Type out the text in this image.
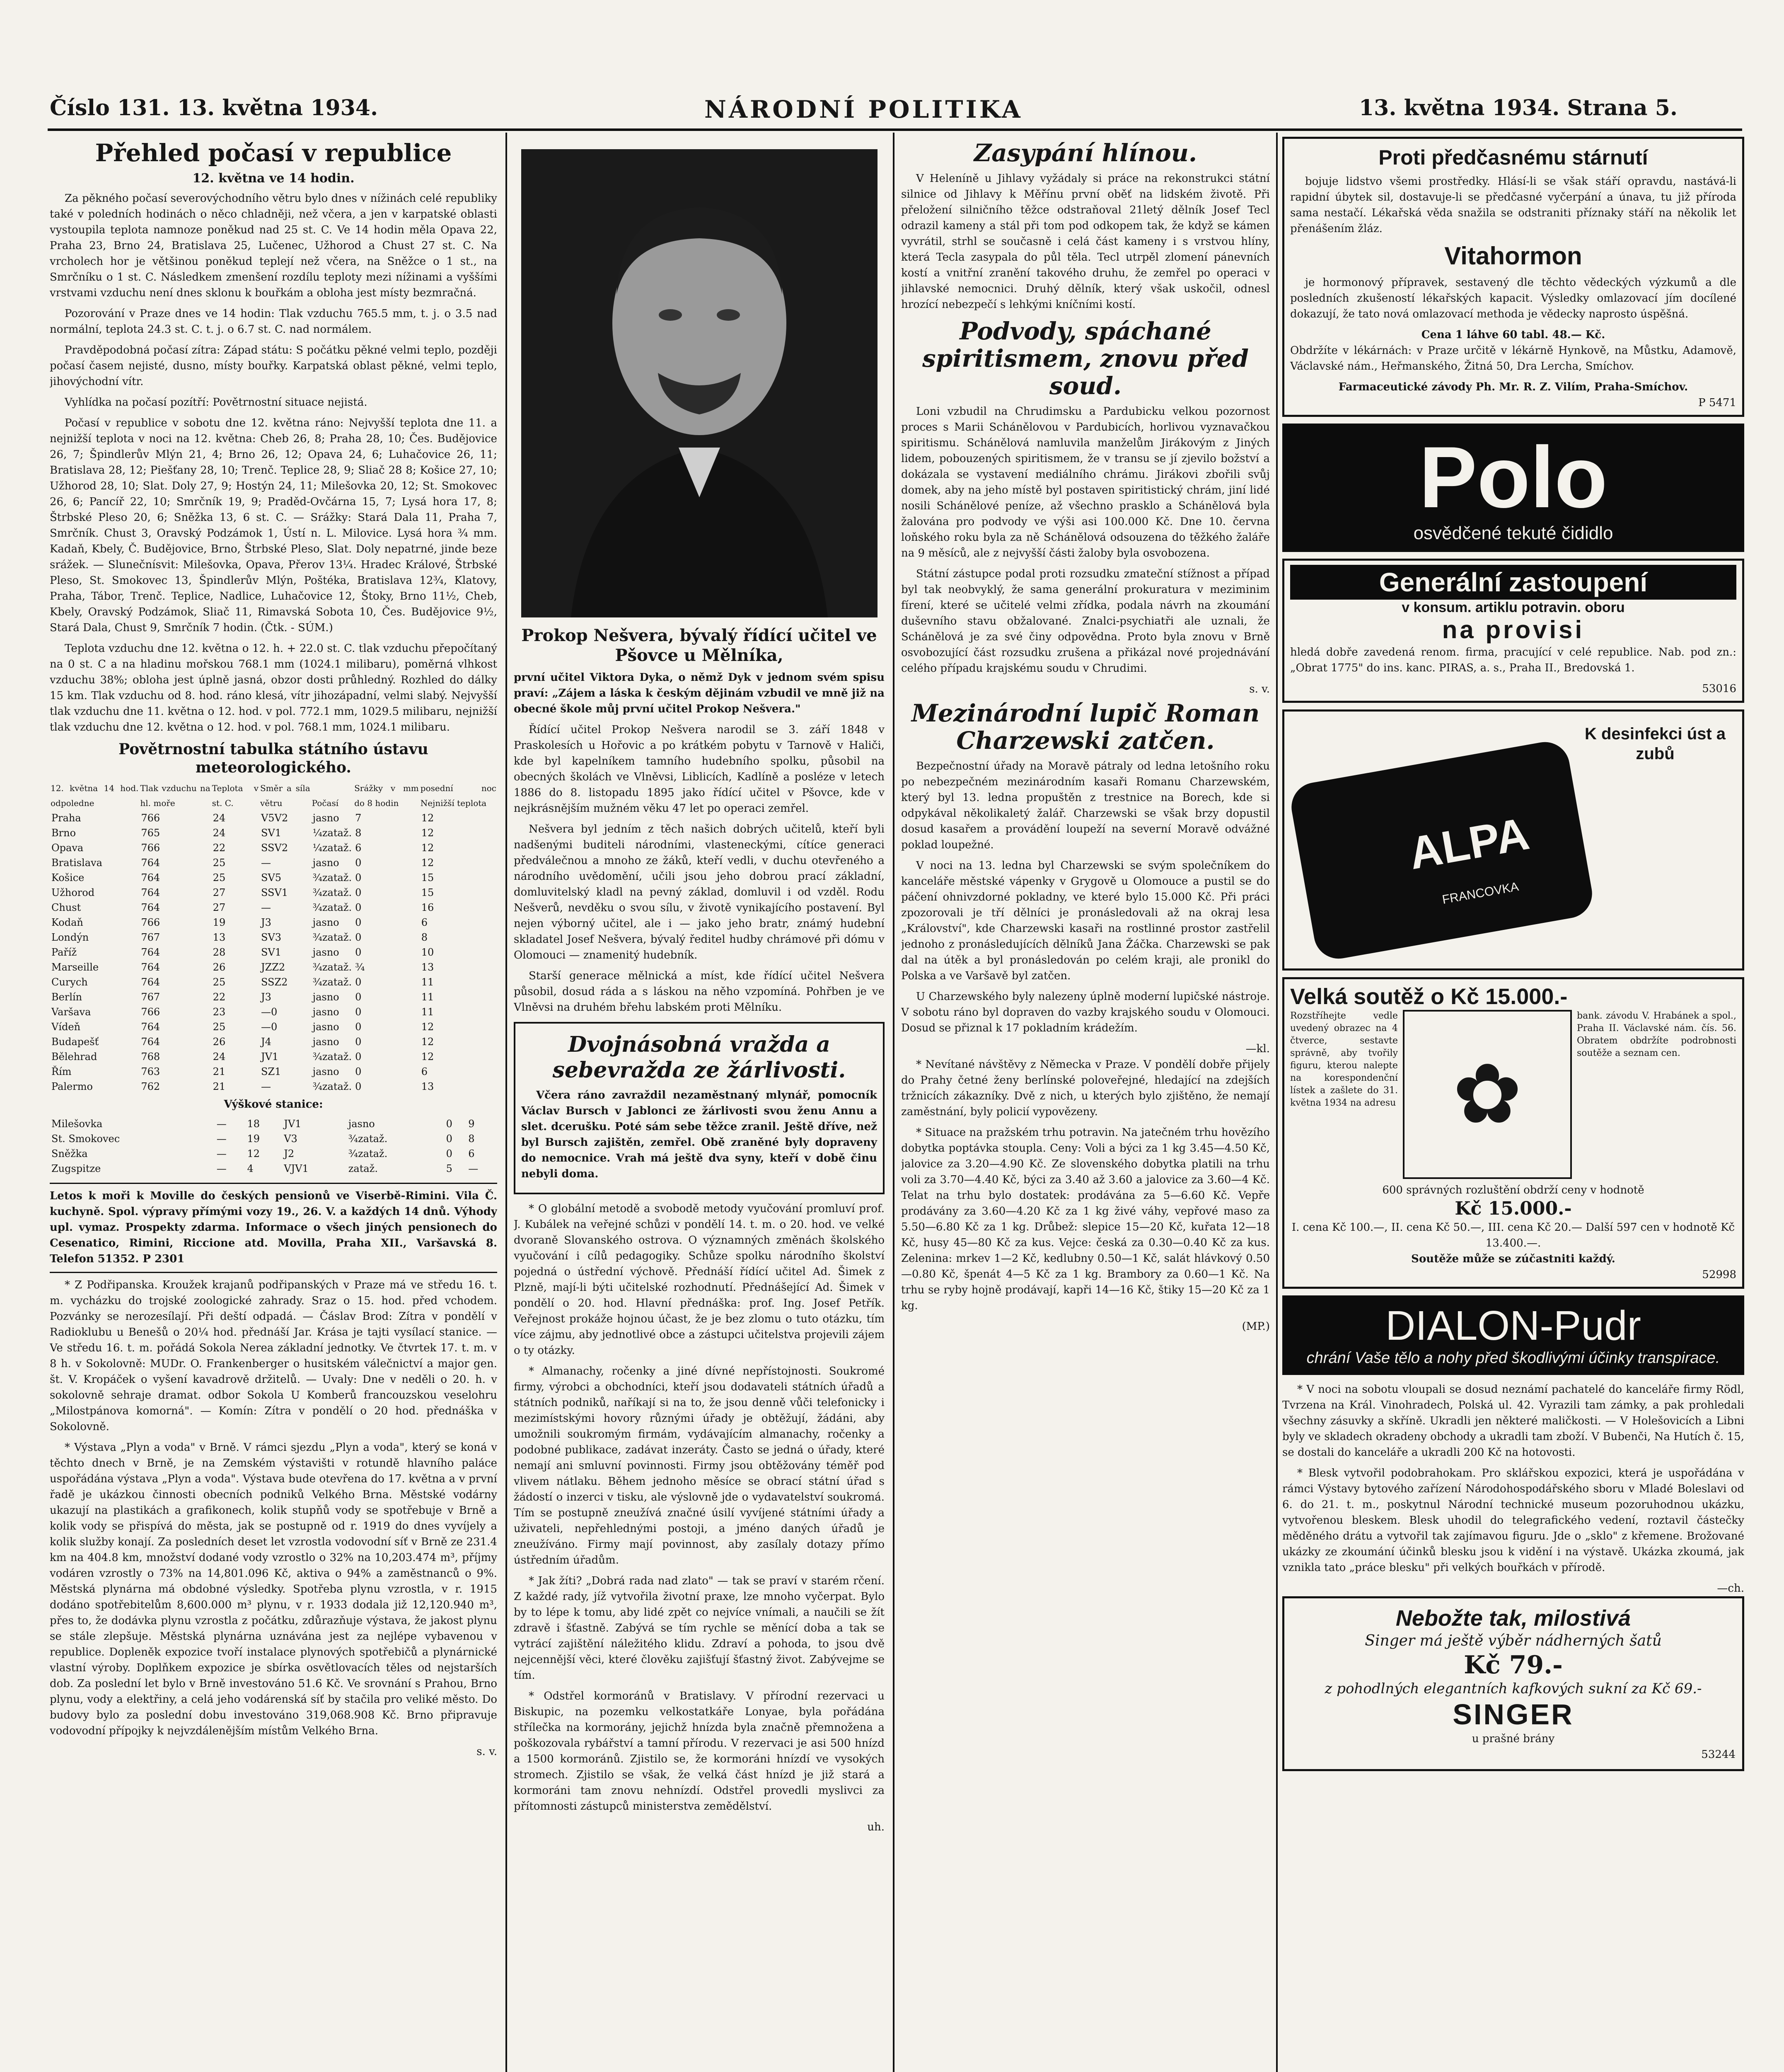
Číslo 131. 13. května 1934.	NÁRODNÍ POLITIKA	13. května 1934. Strana 5.
Přehled počasí v republice
12. května ve 14 hodin.

Za pěkného počasí severovýchodního větru bylo dnes v nížinách celé republiky také v poledních hodinách o něco chladněji, než včera, a jen v karpatské oblasti vystoupila teplota namnoze poněkud nad 25 st. C. Ve 14 hodin měla Opava 22, Praha 23, Brno 24, Bratislava 25, Lučenec, Užhorod a Chust 27 st. C. Na vrcholech hor je většinou poněkud teplejí než včera, na Sněžce o 1 st., na Smrčníku o 1 st. C. Následkem zmenšení rozdílu teploty mezi nížinami a vyššími vrstvami vzduchu není dnes sklonu k bouřkám a obloha jest místy bezmračná.

Pozorování v Praze dnes ve 14 hodin: Tlak vzduchu 765.5 mm, t. j. o 3.5 nad normální, teplota 24.3 st. C. t. j. o 6.7 st. C. nad normálem.

Pravděpodobná počasí zítra: Západ státu: S počátku pěkné velmi teplo, později počasí časem nejisté, dusno, místy bouřky. Karpatská oblast pěkné, velmi teplo, jihovýchodní vítr.

Vyhlídka na počasí pozítří: Povětrnostní situace nejistá.

Počasí v republice v sobotu dne 12. května ráno: Nejvyšší teplota dne 11. a nejnižší teplota v noci na 12. května: Cheb 26, 8; Praha 28, 10; Čes. Budějovice 26, 7; Špindlerův Mlýn 21, 4; Brno 26, 12; Opava 24, 6; Luhačovice 26, 11; Bratislava 28, 12; Piešťany 28, 10; Trenč. Teplice 28, 9; Sliač 28 8; Košice 27, 10; Užhorod 28, 10; Slat. Doly 27, 9; Hostýn 24, 11; Milešovka 20, 12; St. Smokovec 26, 6; Pancíř 22, 10; Smrčník 19, 9; Praděd-Ovčárna 15, 7; Lysá hora 17, 8; Štrbské Pleso 20, 6; Sněžka 13, 6 st. C. — Srážky: Stará Dala 11, Praha 7, Smrčník. Chust 3, Oravský Podzámok 1, Ústí n. L. Milovice. Lysá hora ¾ mm. Kadaň, Kbely, Č. Budějovice, Brno, Štrbské Pleso, Slat. Doly nepatrné, jinde beze srážek. — Slunečnísvit: Milešovka, Opava, Přerov 13¼. Hradec Králové, Štrbské Pleso, St. Smokovec 13, Špindlerův Mlýn, Poštéka, Bratislava 12¾, Klatovy, Praha, Tábor, Trenč. Teplice, Nadlice, Luhačovice 12, Štoky, Brno 11½, Cheb, Kbely, Oravský Podzámok, Sliač 11, Rimavská Sobota 10, Čes. Budějovice 9½, Stará Dala, Chust 9, Smrčník 7 hodin. (Čtk. - SÚM.)

Teplota vzduchu dne 12. května o 12. h. + 22.0 st. C. tlak vzduchu přepočítaný na 0 st. C a na hladinu mořskou 768.1 mm (1024.1 milibaru), poměrná vlhkost vzduchu 38%; obloha jest úplně jasná, obzor dosti průhledný. Rozhled do dálky 15 km. Tlak vzduchu od 8. hod. ráno klesá, vítr jihozápadní, velmi slabý. Nejvyšší tlak vzduchu dne 11. května o 12. hod. v pol. 772.1 mm, 1029.5 milibaru, nejnižší tlak vzduchu dne 12. května o 12. hod. v pol. 768.1 mm, 1024.1 milibaru.

Povětrnostní tabulka státního ústavu meteorologického.
12. května 14 hod. odpoledne	Tlak vzduchu na hl. moře	Teplota v st. C.	Směr a síla větru	Počasí	Srážky v mm do 8 hodin	posední noc Nejnižší teplota
Praha	766	24	V5V2	jasno	7	12
Brno	765	24	SV1	¼zataž.	8	12
Opava	766	22	SSV2	¼zataž.	6	12
Bratislava	764	25	—	jasno	0	12
Košice	764	25	SV5	¾zataž.	0	15
Užhorod	764	27	SSV1	¾zataž.	0	15
Chust	764	27	—	¾zataž.	0	16
Kodaň	766	19	J3	jasno	0	6
Londýn	767	13	SV3	¾zataž.	0	8
Paříž	764	28	SV1	jasno	0	10
Marseille	764	26	JZZ2	¾zataž.	¾	13
Curych	764	25	SSZ2	¾zataž.	0	11
Berlín	767	22	J3	jasno	0	11
Varšava	766	23	—0	jasno	0	11
Vídeň	764	25	—0	jasno	0	12
Budapešť	764	26	J4	jasno	0	12
Bělehrad	768	24	JV1	¾zataž.	0	12
Řím	763	21	SZ1	jasno	0	6
Palermo	762	21	—	¾zataž.	0	13
Výškové stanice:
Milešovka	—	18	JV1	jasno	0	9
St. Smokovec	—	19	V3	¾zataž.	0	8
Sněžka	—	12	J2	¾zataž.	0	6
Zugspitze	—	4	VJV1	zataž.	5	—

Letos k moři k Moville do českých pensionů ve Viserbě-Rimini. Vila Č. kuchyně. Spol. výpravy přímými vozy 19., 26. V. a každých 14 dnů. Výhody upl. vymaz. Prospekty zdarma. Informace o všech jiných pensionech do Cesenatico, Rimini, Riccione atd. Movilla, Praha XII., Varšavská 8. Telefon 51352. P 2301

* Z Podřipanska. Kroužek krajanů podřipanských v Praze má ve středu 16. t. m. vycházku do trojské zoologické zahrady. Sraz o 15. hod. před vchodem. Pozvánky se nerozesílají. Při deští odpadá. — Čáslav Brod: Zítra v pondělí v Radioklubu u Benešů o 20¼ hod. přednáší Jar. Krása je tajti vysílací stanice. — Ve středu 16. t. m. pořádá Sokola Nerea základní jednotky. Ve čtvrtek 17. t. m. v 8 h. v Sokolovně: MUDr. O. Frankenberger o husitském válečnictví a major gen. št. V. Kropáček o vyšení kavadrově držitelů. — Uvaly: Dne v neděli o 20. h. v sokolovně sehraje dramat. odbor Sokola U Komberů francouzskou veselohru „Milostpánova komorná". — Komín: Zítra v pondělí o 20 hod. přednáška v Sokolovně.

* Výstava „Plyn a voda" v Brně. V rámci sjezdu „Plyn a voda", který se koná v těchto dnech v Brně, je na Zemském výstavišti v rotundě hlavního paláce uspořádána výstava „Plyn a voda". Výstava bude otevřena do 17. května a v první řadě je ukázkou činnosti obecních podniků Velkého Brna. Městské vodárny ukazují na plastikách a grafikonech, kolik stupňů vody se spotřebuje v Brně a kolik vody se přispívá do města, jak se postupně od r. 1919 do dnes vyvíjely a kolik služby konají. Za posledních deset let vzrostla vodovodní síť v Brně ze 231.4 km na 404.8 km, množství dodané vody vzrostlo o 32% na 10,203.474 m³, příjmy vodáren vzrostly o 73% na 14,801.096 Kč, aktiva o 94% a zaměstnanců o 9%. Městská plynárna má obdobné výsledky. Spotřeba plynu vzrostla, v r. 1915 dodáno spotřebitelům 8,600.000 m³ plynu, v r. 1933 dodala již 12,120.940 m³, přes to, že dodávka plynu vzrostla z počátku, zdůrazňuje výstava, že jakost plynu se stále zlepšuje. Městská plynárna uznávána jest za nejlépe vybavenou v republice. Dopleněk expozice tvoří instalace plynových spotřebičů a plynárnické vlastní výroby. Doplňkem expozice je sbírka osvětlovacích těles od nejstarších dob. Za poslední let bylo v Brně investováno 51.6 Kč. Ve srovnání s Prahou, Brno plynu, vody a elektřiny, a celá jeho vodárenská síť by stačila pro veliké město. Do budovy bylo za poslední dobu investováno 319,068.908 Kč. Brno připravuje vodovodní přípojky k nejvzdálenějším místům Velkého Brna.

s. v.
Prokop Nešvera, bývalý řídící učitel ve Pšovce u Mělníka,

první učitel Viktora Dyka, o němž Dyk v jednom svém spisu praví: „Zájem a láska k českým dějinám vzbudil ve mně již na obecné škole můj první učitel Prokop Nešvera."

Řídící učitel Prokop Nešvera narodil se 3. září 1848 v Praskolesích u Hořovic a po krátkém pobytu v Tarnově v Haliči, kde byl kapelníkem tamního hudebního spolku, působil na obecných školách ve Vlněvsi, Liblicích, Kadlíně a posléze v letech 1886 do 8. listopadu 1895 jako řídící učitel v Pšovce, kde v nejkrásnějším mužném věku 47 let po operaci zemřel.

Nešvera byl jedním z těch našich dobrých učitelů, kteří byli nadšenými buditeli národními, vlasteneckými, cítíce generaci předválečnou a mnoho ze žáků, kteří vedli, v duchu otevřeného a národního uvědomění, učili jsou jeho dobrou prací základní, domluvitelský kladl na pevný základ, domluvil i od vzděl. Rodu Nešverů, nevděku o svou sílu, v životě vynikajícího postavení. Byl nejen výborný učitel, ale i — jako jeho bratr, známý hudební skladatel Josef Nešvera, bývalý ředitel hudby chrámové při dómu v Olomouci — znamenitý hudebník.

Starší generace mělnická a míst, kde řídící učitel Nešvera působil, dosud ráda a s láskou na něho vzpomíná. Pohřben je ve Vlněvsi na druhém břehu labském proti Mělníku.

Dvojnásobná vražda a sebevražda ze žárlivosti.

Včera ráno zavraždil nezaměstnaný mlynář, pomocník Václav Bursch v Jablonci ze žárlivosti svou ženu Annu a slet. dcerušku. Poté sám sebe těžce zranil. Ještě dříve, než byl Bursch zajištěn, zemřel. Obě zraněné byly dopraveny do nemocnice. Vrah má ještě dva syny, kteří v době činu nebyli doma.

* O globální metodě a svobodě metody vyučování promluví prof. J. Kubálek na veřejné schůzi v pondělí 14. t. m. o 20. hod. ve velké dvoraně Slovanského ostrova. O významných změnách školského vyučování i cílů pedagogiky. Schůze spolku národního školství pojedná o ústřední výchově. Přednáší řídící učitel Ad. Šimek z Plzně, mají-li býti učitelské rozhodnutí. Přednášející Ad. Šimek v pondělí o 20. hod. Hlavní přednáška: prof. Ing. Josef Petřík. Veřejnost prokáže hojnou účast, že je bez zlomu o tuto otázku, tím více zájmu, aby jednotlivé obce a zástupci učitelstva projevili zájem o ty otázky.

* Almanachy, ročenky a jiné dívné nepřístojnosti. Soukromé firmy, výrobci a obchodníci, kteří jsou dodavateli státních úřadů a státních podniků, naříkají si na to, že jsou denně vůči telefonicky i mezimístskými hovory různými úřady je obtěžují, žádáni, aby umožnili soukromým firmám, vydávajícím almanachy, ročenky a podobné publikace, zadávat inzeráty. Často se jedná o úřady, které nemají ani smluvní povinnosti. Firmy jsou obtěžovány téměř pod vlivem nátlaku. Během jednoho měsíce se obrací státní úřad s žádostí o inzerci v tisku, ale výslovně jde o vydavatelství soukromá. Tím se postupně zneužívá značné úsilí vyvíjené státními úřady a uživateli, nepřehlednými postoji, a jméno daných úřadů je zneužíváno. Firmy mají povinnost, aby zasílaly dotazy přímo ústředním úřadům.

* Jak žíti? „Dobrá rada nad zlato" — tak se praví v starém rčení. Z každé rady, jíž vytvořila životní praxe, lze mnoho vyčerpat. Bylo by to lépe k tomu, aby lidé zpět co nejvíce vnímali, a naučili se žít zdravě i šťastně. Zabývá se tím rychle se měnící doba a tak se vytrácí zajištění náležitého klidu. Zdraví a pohoda, to jsou dvě nejcennější věci, které člověku zajišťují šťastný život. Zabývejme se tím.

* Odstřel kormoránů v Bratislavy. V přírodní rezervaci u Biskupic, na pozemku velkostatkáře Lonyae, byla pořádána střílečka na kormorány, jejichž hnízda byla značně přemnožena a poškozovala rybářství a tamní přírodu. V rezervaci je asi 500 hnízd a 1500 kormoránů. Zjistilo se, že kormoráni hnízdí ve vysokých stromech. Zjistilo se však, že velká část hnízd je již stará a kormoráni tam znovu nehnízdí. Odstřel provedli myslivci za přítomnosti zástupců ministerstva zemědělství.

uh.
Zasypání hlínou.

V Heleníně u Jihlavy vyžádaly si práce na rekonstrukci státní silnice od Jihlavy k Měřínu první oběť na lidském životě. Při přeložení silničního těžce odstraňoval 21letý dělník Josef Tecl odrazil kameny a stál při tom pod odkopem tak, že když se kámen vyvrátil, strhl se současně i celá část kameny i s vrstvou hlíny, která Tecla zasypala do půl těla. Tecl utrpěl zlomení pánevních kostí a vnitřní zranění takového druhu, že zemřel po operaci v jihlavské nemocnici. Druhý dělník, který však uskočil, odnesl hrozící nebezpečí s lehkými kníčními kostí.

Podvody, spáchané spiritismem, znovu před soud.

Loni vzbudil na Chrudimsku a Pardubicku velkou pozornost proces s Marii Schánělovou v Pardubicích, horlivou vyznavačkou spiritismu. Schánělová namluvila manželům Jirákovým z Jiných lidem, pobouzených spiritismem, že v transu se jí zjevilo božství a dokázala se vystavení mediálního chrámu. Jirákovi zbořili svůj domek, aby na jeho místě byl postaven spiritistický chrám, jiní lidé nosili Schánělové peníze, až všechno prasklo a Schánělová byla žalována pro podvody ve výši asi 100.000 Kč. Dne 10. června loňského roku byla za ně Schánělová odsouzena do těžkého žaláře na 9 měsíců, ale z nejvyšší části žaloby byla osvobozena.

Státní zástupce podal proti rozsudku zmateční stížnost a případ byl tak neobvyklý, že sama generální prokuratura v meziminim fírení, které se učitelé velmi zřídka, podala návrh na zkoumání duševního stavu obžalované. Znalci-psychiatři ale uznali, že Schánělová je za své činy odpovědna. Proto byla znovu v Brně osvobozující část rozsudku zrušena a přikázal nové projednávání celého případu krajskému soudu v Chrudimi.

s. v.
Mezinárodní lupič Roman Charzewski zatčen.

Bezpečnostní úřady na Moravě pátraly od ledna letošního roku po nebezpečném mezinárodním kasaři Romanu Charzewském, který byl 13. ledna propuštěn z trestnice na Borech, kde si odpykával několikaletý žalář. Charzewski se však brzy dopustil dosud kasařem a provádění loupeží na severní Moravě odvážné poklad loupežné.

V noci na 13. ledna byl Charzewski se svým společníkem do kanceláře městské vápenky v Grygově u Olomouce a pustil se do páčení ohnivzdorné pokladny, ve které bylo 15.000 Kč. Při práci zpozorovali je tří dělníci je pronásledovali až na okraj lesa „Království", kde Charzewski kasaři na rostlinné prostor zastřelil jednoho z pronásledujících dělníků Jana Žáčka. Charzewski se pak dal na útěk a byl pronásledován po celém kraji, ale pronikl do Polska a ve Varšavě byl zatčen.

U Charzewského byly nalezeny úplně moderní lupičské nástroje. V sobotu ráno byl dopraven do vazby krajského soudu v Olomouci. Dosud se přiznal k 17 pokladním krádežím.

—kl.

* Nevítané návštěvy z Německa v Praze. V pondělí dobře přijely do Prahy četné ženy berlínské poloveřejné, hledající na zdejších tržnicích zákazníky. Dvě z nich, u kterých bylo zjištěno, že nemají zaměstnání, byly policií vypovězeny.

* Situace na pražském trhu potravin. Na jatečném trhu hovězího dobytka poptávka stoupla. Ceny: Voli a býci za 1 kg 3.45—4.50 Kč, jalovice za 3.20—4.90 Kč. Ze slovenského dobytka platili na trhu voli za 3.70—4.40 Kč, býci za 3.40 až 3.60 a jalovice za 3.60—4 Kč. Telat na trhu bylo dostatek: prodávána za 5—6.60 Kč. Vepře prodávány za 3.60—4.20 Kč za 1 kg živé váhy, vepřové maso za 5.50—6.80 Kč za 1 kg. Drůbež: slepice 15—20 Kč, kuřata 12—18 Kč, husy 45—80 Kč za kus. Vejce: česká za 0.30—0.40 Kč za kus. Zelenina: mrkev 1—2 Kč, kedlubny 0.50—1 Kč, salát hlávkový 0.50—0.80 Kč, špenát 4—5 Kč za 1 kg. Brambory za 0.60—1 Kč. Na trhu se ryby hojně prodávají, kapři 14—16 Kč, štiky 15—20 Kč za 1 kg.

(MP.)
Proti předčasnému stárnutí

bojuje lidstvo všemi prostředky. Hlásí-li se však stáří opravdu, nastává-li rapidní úbytek sil, dostavuje-li se předčasné vyčerpání a únava, tu již příroda sama nestačí. Lékařská věda snažila se odstraniti příznaky stáří na několik let přenášením žláz.

Vitahormon

je hormonový přípravek, sestavený dle těchto vědeckých výzkumů a dle posledních zkušeností lékařských kapacit. Výsledky omlazovací jím docílené dokazují, že tato nová omlazovací methoda je vědecky naprosto úspěšná.

Cena 1 láhve 60 tabl. 48.— Kč.

Obdržíte v lékárnách: v Praze určitě v lékárně Hynkově, na Můstku, Adamově, Václavské nám., Heřmanského, Žitná 50, Dra Lercha, Smíchov.

Farmaceutické závody Ph. Mr. R. Z. Vilím, Praha-Smíchov.
P 5471
Polo
osvědčené tekuté čididlo
Generální zastoupení
v konsum. artiklu potravin. oboru
na provisi

hledá dobře zavedená renom. firma, pracující v celé republice. Nab. pod zn.: „Obrat 1775" do ins. kanc. PIRAS, a. s., Praha II., Bredovská 1.

53016
K desinfekci úst a zubů
ALPA
FRANCOVKA
Velká soutěž o Kč 15.000.-
Rozstříhejte vedle uvedený obrazec na 4 čtverce, sestavte správně, aby tvořily figuru, kterou nalepte na korespondenční lístek a zašlete do 31. května 1934 na adresu ✿
bank. závodu V. Hrabánek a spol., Praha II. Václavské nám. čís. 56. Obratem obdržíte podrobnosti soutěže a seznam cen.
600 správných rozluštění obdrží ceny v hodnotě
Kč 15.000.-
I. cena Kč 100.—, II. cena Kč 50.—, III. cena Kč 20.— Další 597 cen v hodnotě Kč 13.400.—.
Soutěže může se zúčastniti každý.
52998
DIALON-Pudr
chrání Vaše tělo a nohy před škodlivými účinky transpirace.

* V noci na sobotu vloupali se dosud neznámí pachatelé do kanceláře firmy Rödl, Tvrzena na Král. Vinohradech, Polská ul. 42. Vyrazili tam zámky, a pak prohledali všechny zásuvky a skříně. Ukradli jen některé maličkosti. — V Holešovicích a Libni byly ve skladech okradeny obchody a ukradli tam zboží. V Bubenči, Na Hutích č. 15, se dostali do kanceláře a ukradli 200 Kč na hotovosti.

* Blesk vytvořil podobrahokam. Pro sklářskou expozici, která je uspořádána v rámci Výstavy bytového zařízení Národohospodářského sboru v Mladé Boleslavi od 6. do 21. t. m., poskytnul Národní technické museum pozoruhodnou ukázku, vytvořenou bleskem. Blesk uhodil do telegrafického vedení, roztavil částečky měděného drátu a vytvořil tak zajímavou figuru. Jde o „sklo" z křemene. Brožované ukázky ze zkoumání účinků blesku jsou k vidění i na výstavě. Ukázka zkoumá, jak vznikla tato „práce blesku" při velkých bouřkách v přírodě.

—ch.
Nebožte tak, milostivá
Singer má ještě výběr nádherných šatů
Kč 79.-
z pohodlných elegantních kafkových sukní za Kč 69.-
SINGER
u prašné brány
53244
